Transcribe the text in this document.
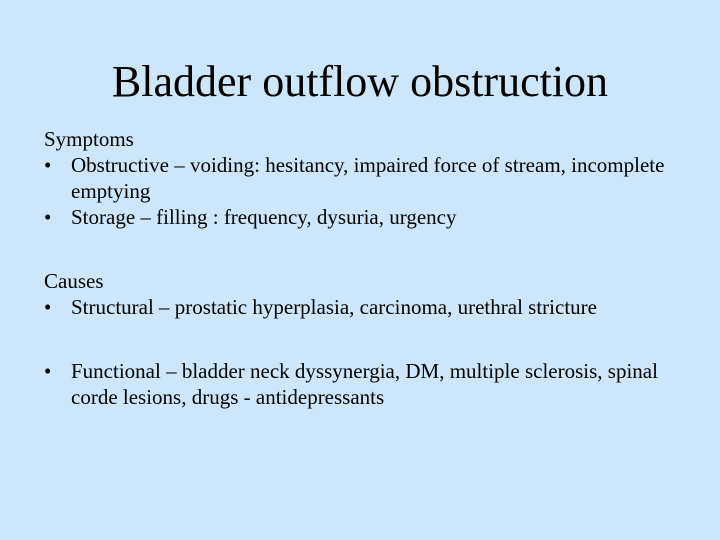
Bladder outflow obstruction

Symptoms

• Obstructive – voiding: hesitancy, impaired force of stream, incomplete emptying
• Storage – filling : frequency, dysuria, urgency

Causes

• Structural – prostatic hyperplasia, carcinoma, urethral stricture
• Functional – bladder neck dyssynergia, DM, multiple sclerosis, spinal corde lesions, drugs - antidepressants
